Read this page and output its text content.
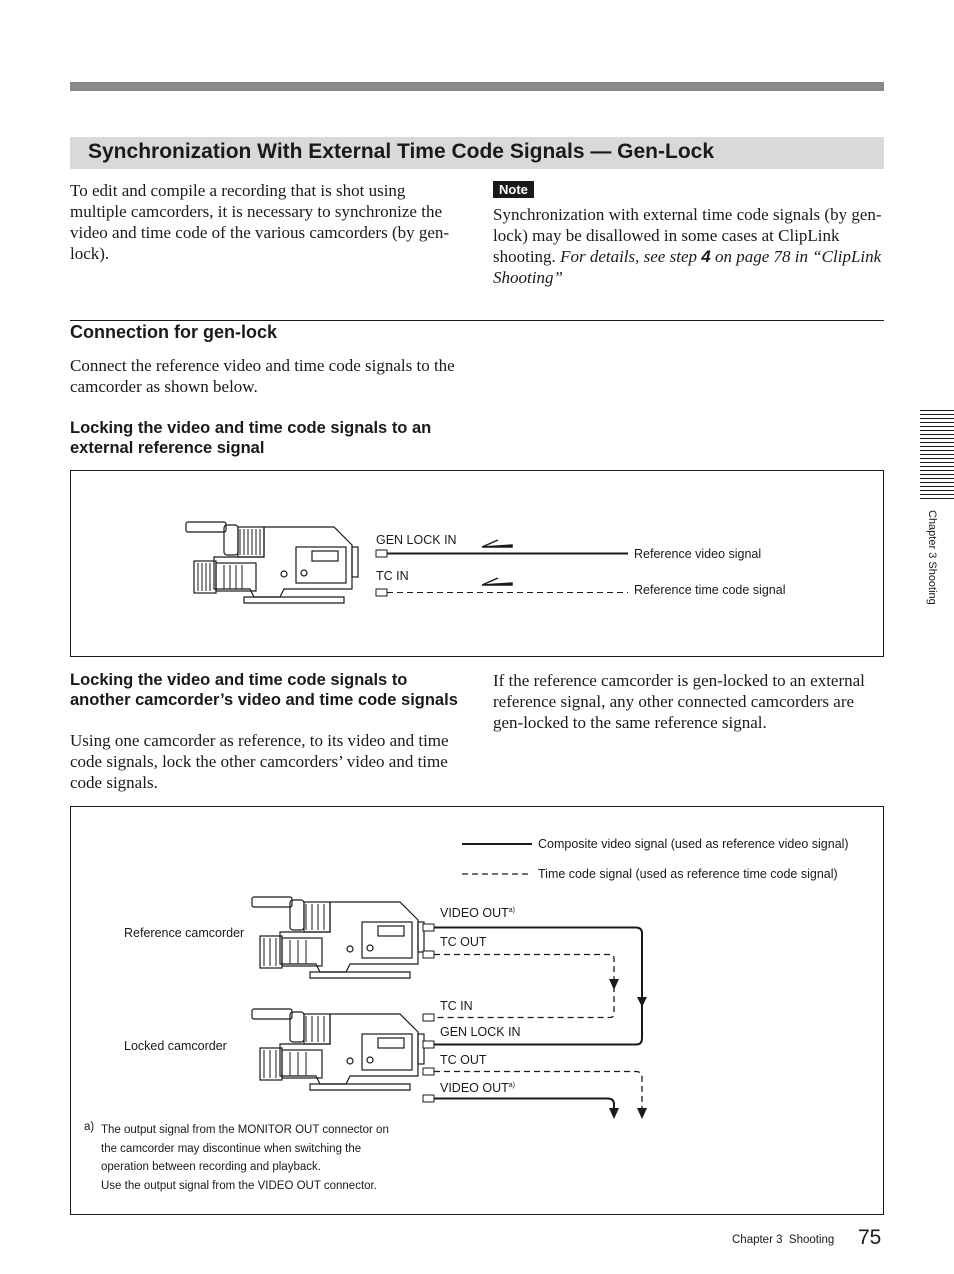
Synchronization With External Time Code Signals — Gen-Lock
To edit and compile a recording that is shot using multiple camcorders, it is necessary to synchronize the video and time code of the various camcorders (by gen-lock).
Note
Synchronization with external time code signals (by gen-lock) may be disallowed in some cases at ClipLink shooting. For details, see step 4 on page 78 in “ClipLink Shooting”
Connection for gen-lock
Connect the reference video and time code signals to the camcorder as shown below.
Locking the video and time code signals to an external reference signal
GEN LOCK IN
TC IN
Reference video signal
Reference time code signal
Locking the video and time code signals to another camcorder’s video and time code signals
Using one camcorder as reference, to its video and time code signals, lock the other camcorders’ video and time code signals.
If the reference camcorder is gen-locked to an external reference signal, any other connected camcorders are gen-locked to the same reference signal.
Composite video signal (used as reference video signal)
Time code signal (used as reference time code signal)
Reference camcorder
Locked camcorder
VIDEO OUT$^{a)}$
TC OUT
TC IN
GEN LOCK IN
TC OUT
VIDEO OUT$^{a)}$
a) The output signal from the MONITOR OUT connector on
the camcorder may discontinue when switching the
operation between recording and playback.
Use the output signal from the VIDEO OUT connector.
Chapter 3 Shooting
Chapter 3  Shooting 75
